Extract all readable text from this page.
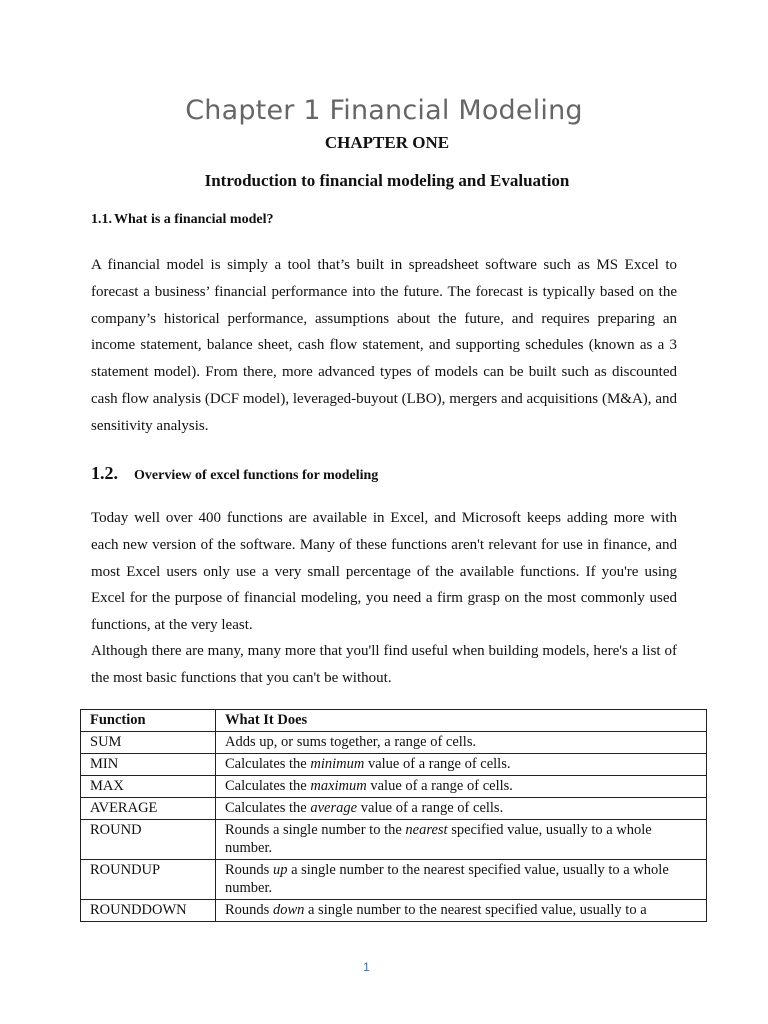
Chapter 1 Financial Modeling

CHAPTER ONE

Introduction to financial modeling and Evaluation

1.1. What is a financial model?

A financial model is simply a tool that’s built in spreadsheet software such as MS Excel to forecast a business’ financial performance into the future. The forecast is typically based on the company’s historical performance, assumptions about the future, and requires preparing an income statement, balance sheet, cash flow statement, and supporting schedules (known as a 3 statement model). From there, more advanced types of models can be built such as discounted cash flow analysis (DCF model), leveraged-buyout (LBO), mergers and acquisitions (M&A), and sensitivity analysis.

1.2. Overview of excel functions for modeling

Today well over 400 functions are available in Excel, and Microsoft keeps adding more with each new version of the software. Many of these functions aren't relevant for use in finance, and most Excel users only use a very small percentage of the available functions. If you're using Excel for the purpose of financial modeling, you need a firm grasp on the most commonly used functions, at the very least.

Although there are many, many more that you'll find useful when building models, here's a list of the most basic functions that you can't be without.

Function	What It Does
SUM	Adds up, or sums together, a range of cells.
MIN	Calculates the minimum value of a range of cells.
MAX	Calculates the maximum value of a range of cells.
AVERAGE	Calculates the average value of a range of cells.
ROUND	Rounds a single number to the nearest specified value, usually to a whole number.
ROUNDUP	Rounds up a single number to the nearest specified value, usually to a whole number.
ROUNDDOWN	Rounds down a single number to the nearest specified value, usually to a

1
